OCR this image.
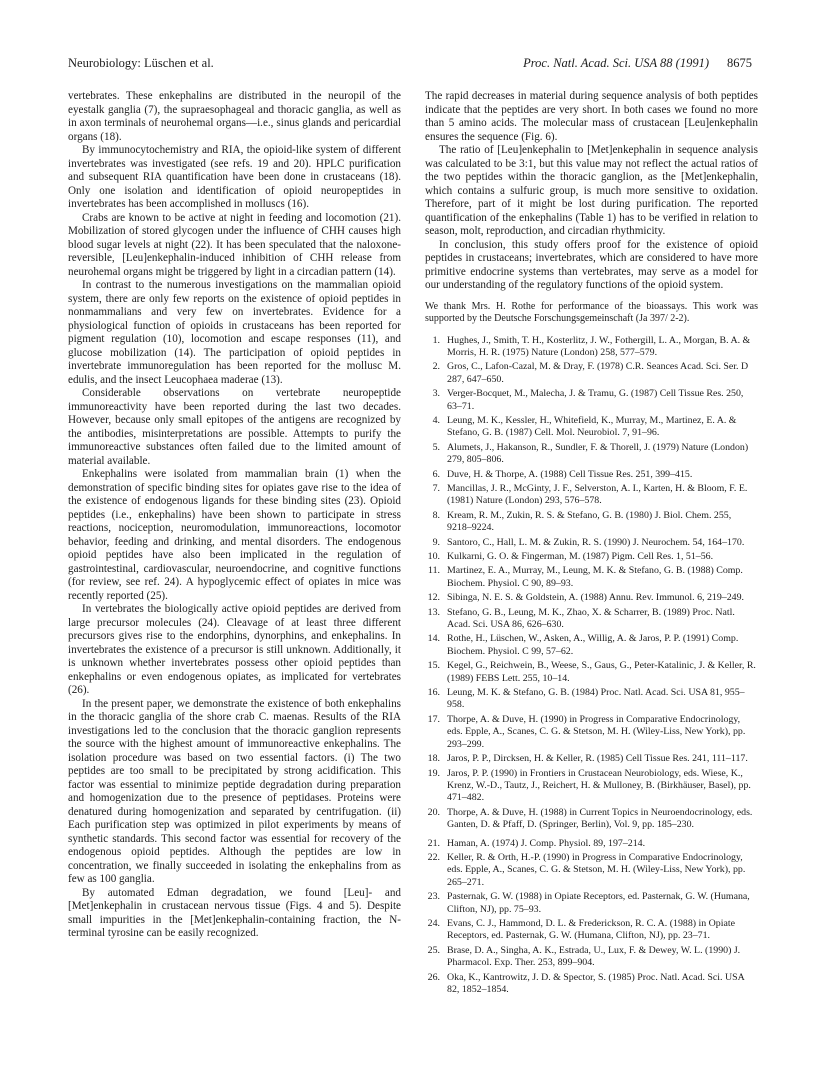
Neurobiology: Lüschen et al.	Proc. Natl. Acad. Sci. USA 88 (1991) 8675

vertebrates. These enkephalins are distributed in the neuropil of the eyestalk ganglia (7), the supraesophageal and thoracic ganglia, as well as in axon terminals of neurohemal organs—i.e., sinus glands and pericardial organs (18).

By immunocytochemistry and RIA, the opioid-like system of different invertebrates was investigated (see refs. 19 and 20). HPLC purification and subsequent RIA quantification have been done in crustaceans (18). Only one isolation and identification of opioid neuropeptides in invertebrates has been accomplished in molluscs (16).

Crabs are known to be active at night in feeding and locomotion (21). Mobilization of stored glycogen under the influence of CHH causes high blood sugar levels at night (22). It has been speculated that the naloxone-reversible, [Leu]enkephalin-induced inhibition of CHH release from neurohemal organs might be triggered by light in a circadian pattern (14).

In contrast to the numerous investigations on the mammalian opioid system, there are only few reports on the existence of opioid peptides in nonmammalians and very few on invertebrates. Evidence for a physiological function of opioids in crustaceans has been reported for pigment regulation (10), locomotion and escape responses (11), and glucose mobilization (14). The participation of opioid peptides in invertebrate immunoregulation has been reported for the mollusc M. edulis, and the insect Leucophaea maderae (13).

Considerable observations on vertebrate neuropeptide immunoreactivity have been reported during the last two decades. However, because only small epitopes of the antigens are recognized by the antibodies, misinterpretations are possible. Attempts to purify the immunoreactive substances often failed due to the limited amount of material available.

Enkephalins were isolated from mammalian brain (1) when the demonstration of specific binding sites for opiates gave rise to the idea of the existence of endogenous ligands for these binding sites (23). Opioid peptides (i.e., enkephalins) have been shown to participate in stress reactions, nociception, neuromodulation, immunoreactions, locomotor behavior, feeding and drinking, and mental disorders. The endogenous opioid peptides have also been implicated in the regulation of gastrointestinal, cardiovascular, neuroendocrine, and cognitive functions (for review, see ref. 24). A hypoglycemic effect of opiates in mice was recently reported (25).

In vertebrates the biologically active opioid peptides are derived from large precursor molecules (24). Cleavage of at least three different precursors gives rise to the endorphins, dynorphins, and enkephalins. In invertebrates the existence of a precursor is still unknown. Additionally, it is unknown whether invertebrates possess other opioid peptides than enkephalins or even endogenous opiates, as implicated for vertebrates (26).

In the present paper, we demonstrate the existence of both enkephalins in the thoracic ganglia of the shore crab C. maenas. Results of the RIA investigations led to the conclusion that the thoracic ganglion represents the source with the highest amount of immunoreactive enkephalins. The isolation procedure was based on two essential factors. (i) The two peptides are too small to be precipitated by strong acidification. This factor was essential to minimize peptide degradation during preparation and homogenization due to the presence of peptidases. Proteins were denatured during homogenization and separated by centrifugation. (ii) Each purification step was optimized in pilot experiments by means of synthetic standards. This second factor was essential for recovery of the endogenous opioid peptides. Although the peptides are low in concentration, we finally succeeded in isolating the enkephalins from as few as 100 ganglia.

By automated Edman degradation, we found [Leu]- and [Met]enkephalin in crustacean nervous tissue (Figs. 4 and 5). Despite small impurities in the [Met]enkephalin-containing fraction, the N-terminal tyrosine can be easily recognized.

The rapid decreases in material during sequence analysis of both peptides indicate that the peptides are very short. In both cases we found no more than 5 amino acids. The molecular mass of crustacean [Leu]enkephalin ensures the sequence (Fig. 6).

The ratio of [Leu]enkephalin to [Met]enkephalin in sequence analysis was calculated to be 3:1, but this value may not reflect the actual ratios of the two peptides within the thoracic ganglion, as the [Met]enkephalin, which contains a sulfuric group, is much more sensitive to oxidation. Therefore, part of it might be lost during purification. The reported quantification of the enkephalins (Table 1) has to be verified in relation to season, molt, reproduction, and circadian rhythmicity.

In conclusion, this study offers proof for the existence of opioid peptides in crustaceans; invertebrates, which are considered to have more primitive endocrine systems than vertebrates, may serve as a model for our understanding of the regulatory functions of the opioid system.

We thank Mrs. H. Rothe for performance of the bioassays. This work was supported by the Deutsche Forschungsgemeinschaft (Ja 397/ 2-2).

1. Hughes, J., Smith, T. H., Kosterlitz, J. W., Fothergill, L. A., Morgan, B. A. & Morris, H. R. (1975) Nature (London) 258, 577–579.
2. Gros, C., Lafon-Cazal, M. & Dray, F. (1978) C.R. Seances Acad. Sci. Ser. D 287, 647–650.
3. Verger-Bocquet, M., Malecha, J. & Tramu, G. (1987) Cell Tissue Res. 250, 63–71.
4. Leung, M. K., Kessler, H., Whitefield, K., Murray, M., Martinez, E. A. & Stefano, G. B. (1987) Cell. Mol. Neurobiol. 7, 91–96.
5. Alumets, J., Hakanson, R., Sundler, F. & Thorell, J. (1979) Nature (London) 279, 805–806.
6. Duve, H. & Thorpe, A. (1988) Cell Tissue Res. 251, 399–415.
7. Mancillas, J. R., McGinty, J. F., Selverston, A. I., Karten, H. & Bloom, F. E. (1981) Nature (London) 293, 576–578.
8. Kream, R. M., Zukin, R. S. & Stefano, G. B. (1980) J. Biol. Chem. 255, 9218–9224.
9. Santoro, C., Hall, L. M. & Zukin, R. S. (1990) J. Neurochem. 54, 164–170.
10. Kulkarni, G. O. & Fingerman, M. (1987) Pigm. Cell Res. 1, 51–56.
11. Martinez, E. A., Murray, M., Leung, M. K. & Stefano, G. B. (1988) Comp. Biochem. Physiol. C 90, 89–93.
12. Sibinga, N. E. S. & Goldstein, A. (1988) Annu. Rev. Immunol. 6, 219–249.
13. Stefano, G. B., Leung, M. K., Zhao, X. & Scharrer, B. (1989) Proc. Natl. Acad. Sci. USA 86, 626–630.
14. Rothe, H., Lüschen, W., Asken, A., Willig, A. & Jaros, P. P. (1991) Comp. Biochem. Physiol. C 99, 57–62.
15. Kegel, G., Reichwein, B., Weese, S., Gaus, G., Peter-Katalinic, J. & Keller, R. (1989) FEBS Lett. 255, 10–14.
16. Leung, M. K. & Stefano, G. B. (1984) Proc. Natl. Acad. Sci. USA 81, 955–958.
17. Thorpe, A. & Duve, H. (1990) in Progress in Comparative Endocrinology, eds. Epple, A., Scanes, C. G. & Stetson, M. H. (Wiley-Liss, New York), pp. 293–299.
18. Jaros, P. P., Dircksen, H. & Keller, R. (1985) Cell Tissue Res. 241, 111–117.
19. Jaros, P. P. (1990) in Frontiers in Crustacean Neurobiology, eds. Wiese, K., Krenz, W.-D., Tautz, J., Reichert, H. & Mulloney, B. (Birkhäuser, Basel), pp. 471–482.
20. Thorpe, A. & Duve, H. (1988) in Current Topics in Neuroendocrinology, eds. Ganten, D. & Pfaff, D. (Springer, Berlin), Vol. 9, pp. 185–230.
21. Haman, A. (1974) J. Comp. Physiol. 89, 197–214.
22. Keller, R. & Orth, H.-P. (1990) in Progress in Comparative Endocrinology, eds. Epple, A., Scanes, C. G. & Stetson, M. H. (Wiley-Liss, New York), pp. 265–271.
23. Pasternak, G. W. (1988) in Opiate Receptors, ed. Pasternak, G. W. (Humana, Clifton, NJ), pp. 75–93.
24. Evans, C. J., Hammond, D. L. & Frederickson, R. C. A. (1988) in Opiate Receptors, ed. Pasternak, G. W. (Humana, Clifton, NJ), pp. 23–71.
25. Brase, D. A., Singha, A. K., Estrada, U., Lux, F. & Dewey, W. L. (1990) J. Pharmacol. Exp. Ther. 253, 899–904.
26. Oka, K., Kantrowitz, J. D. & Spector, S. (1985) Proc. Natl. Acad. Sci. USA 82, 1852–1854.
